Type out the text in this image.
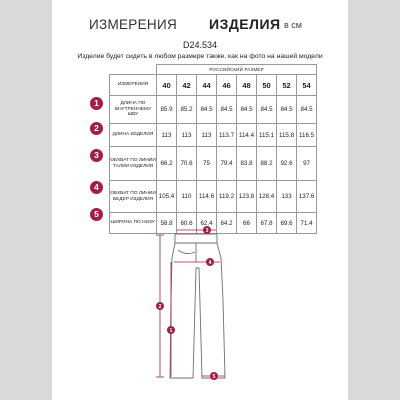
ИЗМЕРЕНИЯ ИЗДЕЛИЯ в см
D24.534
Изделие будет сидеть в любом размере также, как на фото на нашей модели
	РОССИЙСКИЙ РАЗМЕР							
ИЗМЕРЕНИЯ	40	42	44	46	48	50	52	54
ДЛИНА ПО ВНУТРЕННЕМУ ШВУ	85.9	85.2	84.5	84.5	84.5	84.5	84.5	84.5
ДЛИНА ИЗДЕЛИЯ	113	113	113	113.7	114.4	115.1	115.8	116.5
ОБХВАТ ПО ЛИНИИ ТАЛИИ ИЗДЕЛИЯ	66.2	70.6	75	79.4	83.8	88.2	92.6	97
ОБХВАТ ПО ЛИНИИ БЕДЕР ИЗДЕЛИЯ	105.4	110	114.6	119.2	123.8	128.4	133	137.6
ШИРИНА ПО НИЗУ	58.8	60.6	62.4	64.2	66	67.8	69.6	71.4
1
2
3
4
5
2
1
3
4
5
